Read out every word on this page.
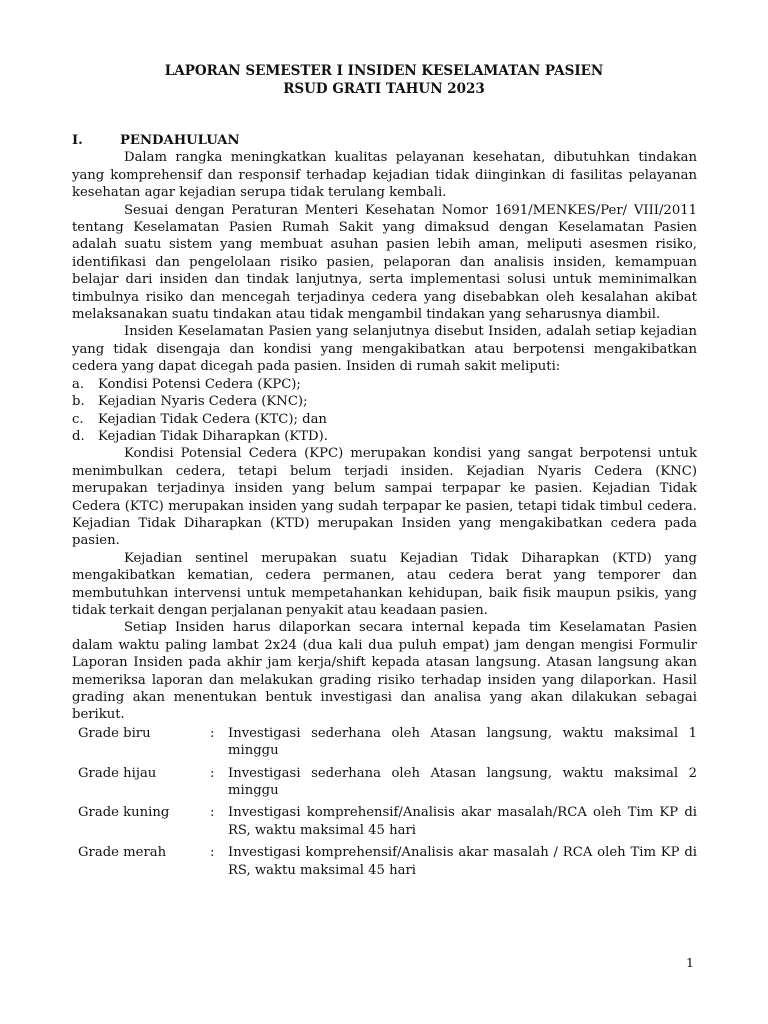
LAPORAN SEMESTER I INSIDEN KESELAMATAN PASIEN
RSUD GRATI TAHUN 2023
I.	PENDAHULUAN

Dalam rangka meningkatkan kualitas pelayanan kesehatan, dibutuhkan tindakan yang komprehensif dan responsif terhadap kejadian tidak diinginkan di fasilitas pelayanan kesehatan agar kejadian serupa tidak terulang kembali.

Sesuai dengan Peraturan Menteri Kesehatan Nomor 1691/MENKES/Per/ VIII/2011 tentang Keselamatan Pasien Rumah Sakit yang dimaksud dengan Keselamatan Pasien adalah suatu sistem yang membuat asuhan pasien lebih aman, meliputi asesmen risiko, identifikasi dan pengelolaan risiko pasien, pelaporan dan analisis insiden, kemampuan belajar dari insiden dan tindak lanjutnya, serta implementasi solusi untuk meminimalkan timbulnya risiko dan mencegah terjadinya cedera yang disebabkan oleh kesalahan akibat melaksanakan suatu tindakan atau tidak mengambil tindakan yang seharusnya diambil.

Insiden Keselamatan Pasien yang selanjutnya disebut Insiden, adalah setiap kejadian yang tidak disengaja dan kondisi yang mengakibatkan atau berpotensi mengakibatkan cedera yang dapat dicegah pada pasien. Insiden di rumah sakit meliputi:

a.	Kondisi Potensi Cedera (KPC);
b.	Kejadian Nyaris Cedera (KNC);
c.	Kejadian Tidak Cedera (KTC); dan
d.	Kejadian Tidak Diharapkan (KTD).

Kondisi Potensial Cedera (KPC) merupakan kondisi yang sangat berpotensi untuk menimbulkan cedera, tetapi belum terjadi insiden. Kejadian Nyaris Cedera (KNC) merupakan terjadinya insiden yang belum sampai terpapar ke pasien. Kejadian Tidak Cedera (KTC) merupakan insiden yang sudah terpapar ke pasien, tetapi tidak timbul cedera. Kejadian Tidak Diharapkan (KTD) merupakan Insiden yang mengakibatkan cedera pada pasien.

Kejadian sentinel merupakan suatu Kejadian Tidak Diharapkan (KTD) yang mengakibatkan kematian, cedera permanen, atau cedera berat yang temporer dan membutuhkan intervensi untuk mempetahankan kehidupan, baik fisik maupun psikis, yang tidak terkait dengan perjalanan penyakit atau keadaan pasien.

Setiap Insiden harus dilaporkan secara internal kepada tim Keselamatan Pasien dalam waktu paling lambat 2x24 (dua kali dua puluh empat) jam dengan mengisi Formulir Laporan Insiden pada akhir jam kerja/shift kepada atasan langsung. Atasan langsung akan memeriksa laporan dan melakukan grading risiko terhadap insiden yang dilaporkan. Hasil grading akan menentukan bentuk investigasi dan analisa yang akan dilakukan sebagai berikut.

Grade biru	:	Investigasi sederhana oleh Atasan langsung, waktu maksimal 1 minggu
Grade hijau	:	Investigasi sederhana oleh Atasan langsung, waktu maksimal 2 minggu
Grade kuning	:	Investigasi komprehensif/Analisis akar masalah/RCA oleh Tim KP di RS, waktu maksimal 45 hari
Grade merah	:	Investigasi komprehensif/Analisis akar masalah / RCA oleh Tim KP di RS, waktu maksimal 45 hari
1
